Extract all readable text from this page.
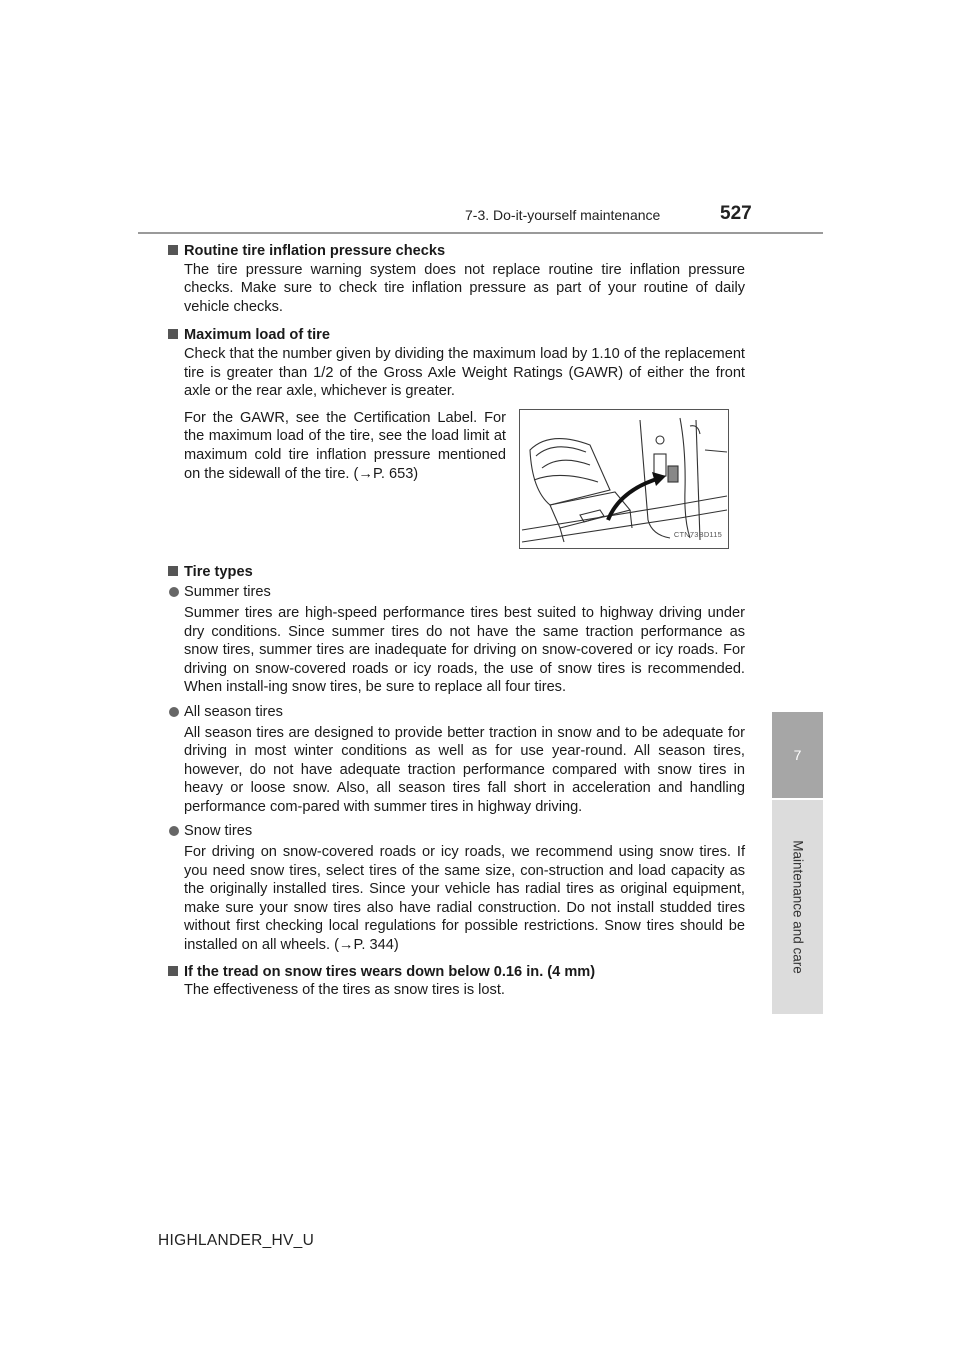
7-3. Do-it-yourself maintenance	527
7
Maintenance and care
Routine tire inflation pressure checks
The tire pressure warning system does not replace routine tire inflation pressure checks. Make sure to check tire inflation pressure as part of your routine of daily vehicle checks.
Maximum load of tire
Check that the number given by dividing the maximum load by 1.10 of the replacement tire is greater than 1/2 of the Gross Axle Weight Ratings (GAWR) of either the front axle or the rear axle, whichever is greater.
For the GAWR, see the Certification Label. For the maximum load of the tire, see the load limit at maximum cold tire inflation pressure mentioned on the sidewall of the tire. (→P. 653)
CTN73BD115
Tire types
Summer tires
Summer tires are high-speed performance tires best suited to highway driving under dry conditions. Since summer tires do not have the same traction performance as snow tires, summer tires are inadequate for driving on snow-covered or icy roads. For driving on snow-covered roads or icy roads, the use of snow tires is recommended. When install-ing snow tires, be sure to replace all four tires.
All season tires
All season tires are designed to provide better traction in snow and to be adequate for driving in most winter conditions as well as for use year-round. All season tires, however, do not have adequate traction performance compared with snow tires in heavy or loose snow. Also, all season tires fall short in acceleration and handling performance com-pared with summer tires in highway driving.
Snow tires
For driving on snow-covered roads or icy roads, we recommend using snow tires. If you need snow tires, select tires of the same size, con-struction and load capacity as the originally installed tires. Since your vehicle has radial tires as original equipment, make sure your snow tires also have radial construction. Do not install studded tires without first checking local regulations for possible restrictions. Snow tires should be installed on all wheels. (→P. 344)
If the tread on snow tires wears down below 0.16 in. (4 mm)
The effectiveness of the tires as snow tires is lost.
HIGHLANDER_HV_U
